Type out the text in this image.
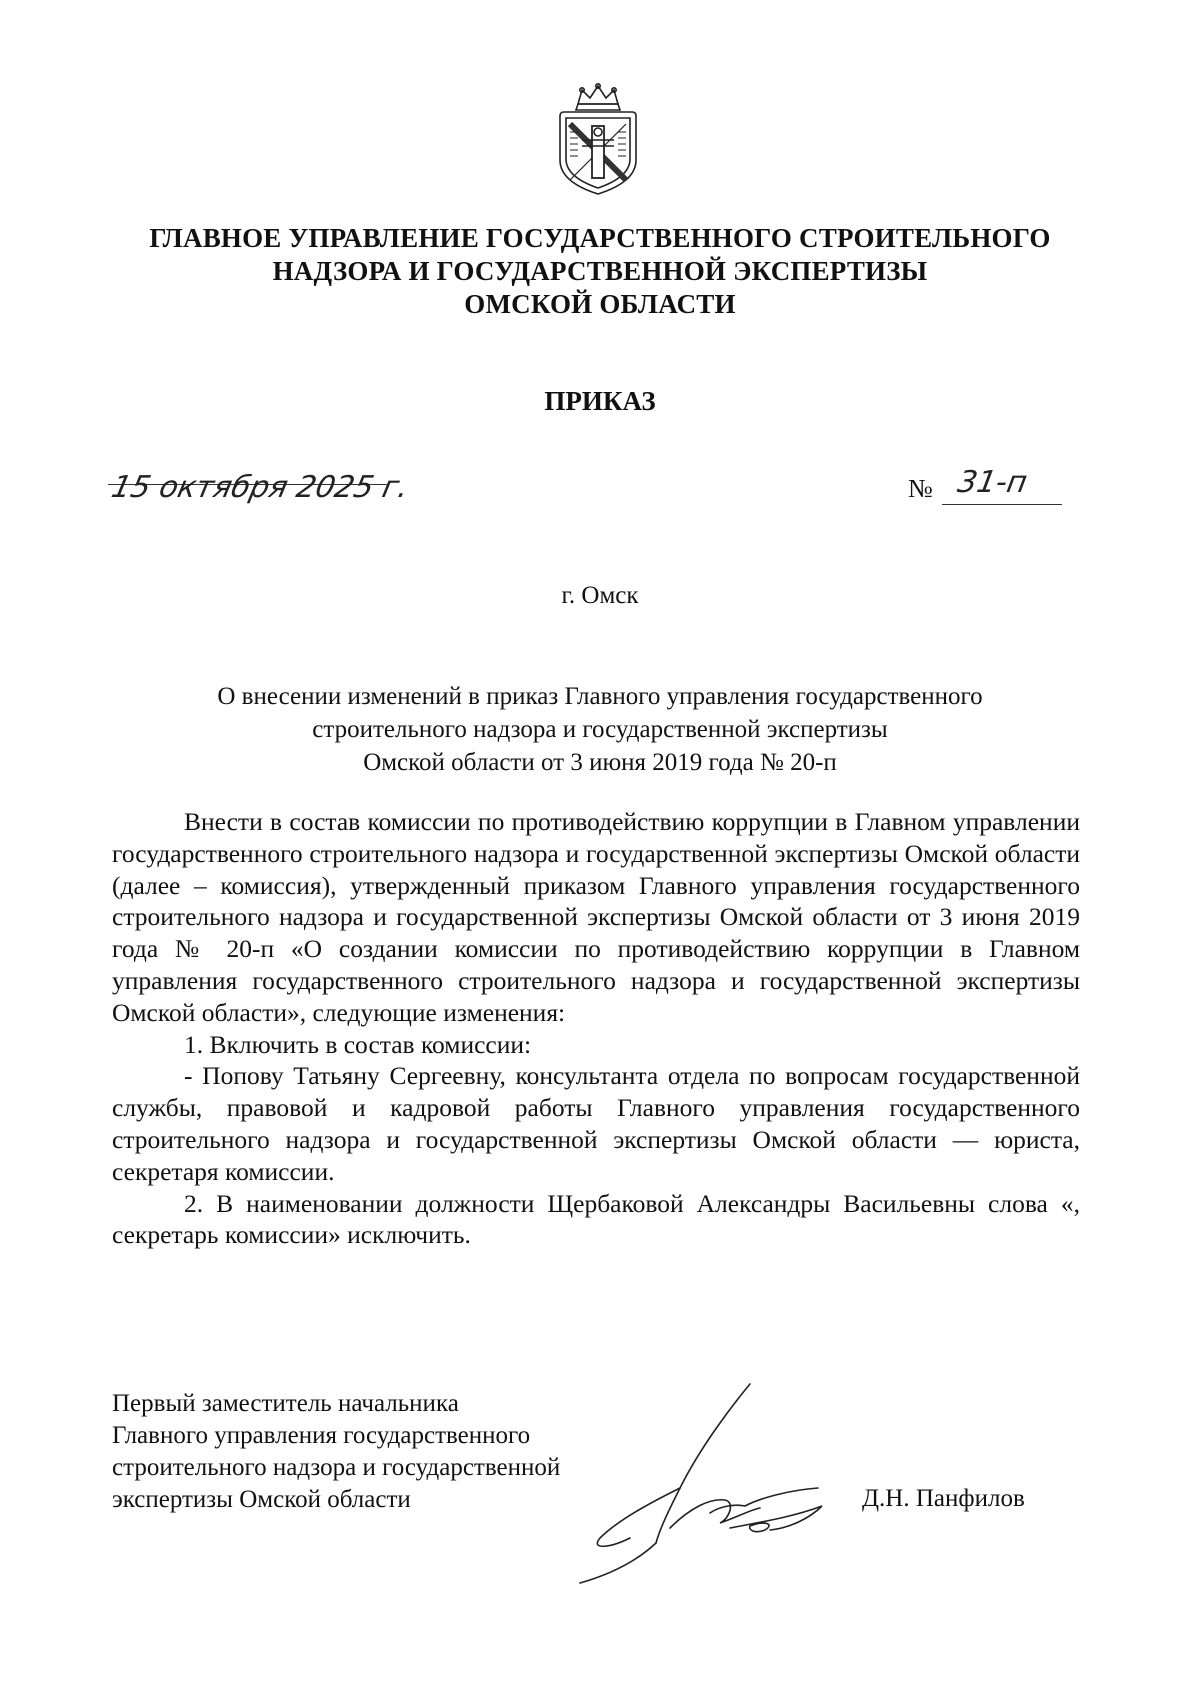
ГЛАВНОЕ УПРАВЛЕНИЕ ГОСУДАРСТВЕННОГО СТРОИТЕЛЬНОГО
НАДЗОРА И ГОСУДАРСТВЕННОЙ ЭКСПЕРТИЗЫ
ОМСКОЙ ОБЛАСТИ
ПРИКАЗ
15 октября 2025 г.	№ 31-п
г. Омск
О внесении изменений в приказ Главного управления государственного
строительного надзора и государственной экспертизы
Омской области от 3 июня 2019 года № 20-п

Внести в состав комиссии по противодействию коррупции в Главном управлении государственного строительного надзора и государственной экспертизы Омской области (далее – комиссия), утвержденный приказом Главного управления государственного строительного надзора и государственной экспертизы Омской области от 3 июня 2019 года № 20-п «О создании комиссии по противодействию коррупции в Главном управления государственного строительного надзора и государственной экспертизы Омской области», следующие изменения:

1. Включить в состав комиссии:

- Попову Татьяну Сергеевну, консультанта отдела по вопросам государственной службы, правовой и кадровой работы Главного управления государственного строительного надзора и государственной экспертизы Омской области — юриста, секретаря комиссии.

2. В наименовании должности Щербаковой Александры Васильевны слова «, секретарь комиссии» исключить.

Первый заместитель начальника
Главного управления государственного
строительного надзора и государственной
экспертизы Омской области	Д.Н. Панфилов
